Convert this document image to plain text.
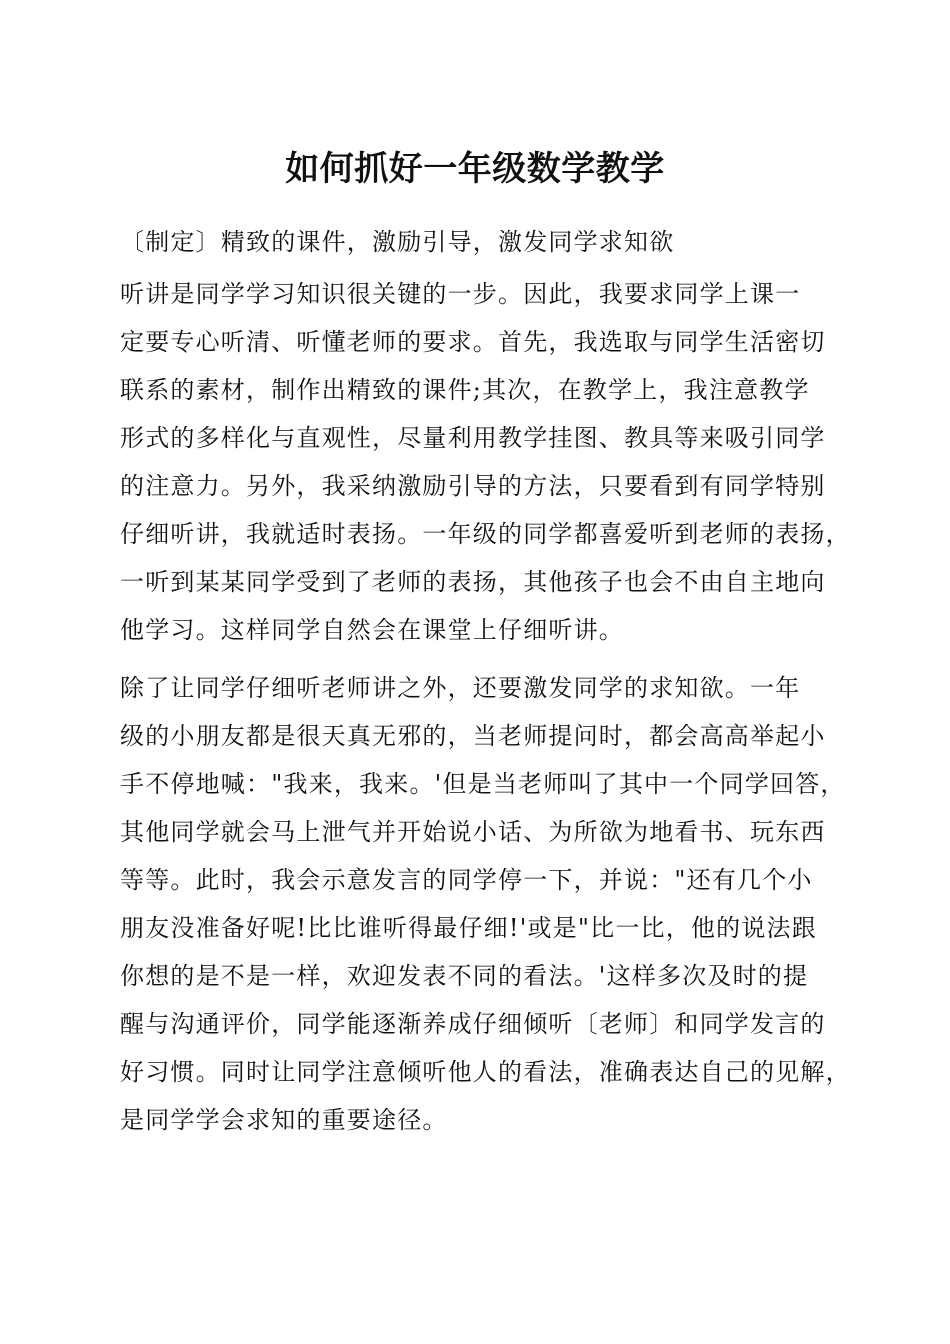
如何抓好一年级数学教学
〔制定〕精致的课件，激励引导，激发同学求知欲
听讲是同学学习知识很关键的一步。因此，我要求同学上课一
定要专心听清、听懂老师的要求。首先，我选取与同学生活密切
联系的素材，制作出精致的课件;其次，在教学上，我注意教学
形式的多样化与直观性，尽量利用教学挂图、教具等来吸引同学
的注意力。另外，我采纳激励引导的方法，只要看到有同学特别
仔细听讲，我就适时表扬。一年级的同学都喜爱听到老师的表扬，
一听到某某同学受到了老师的表扬，其他孩子也会不由自主地向
他学习。这样同学自然会在课堂上仔细听讲。
除了让同学仔细听老师讲之外，还要激发同学的求知欲。一年
级的小朋友都是很天真无邪的，当老师提问时，都会高高举起小
手不停地喊："我来，我来。'但是当老师叫了其中一个同学回答，
其他同学就会马上泄气并开始说小话、为所欲为地看书、玩东西
等等。此时，我会示意发言的同学停一下，并说："还有几个小
朋友没准备好呢!比比谁听得最仔细!'或是"比一比，他的说法跟
你想的是不是一样，欢迎发表不同的看法。'这样多次及时的提
醒与沟通评价，同学能逐渐养成仔细倾听〔老师〕和同学发言的
好习惯。同时让同学注意倾听他人的看法，准确表达自己的见解，
是同学学会求知的重要途径。
